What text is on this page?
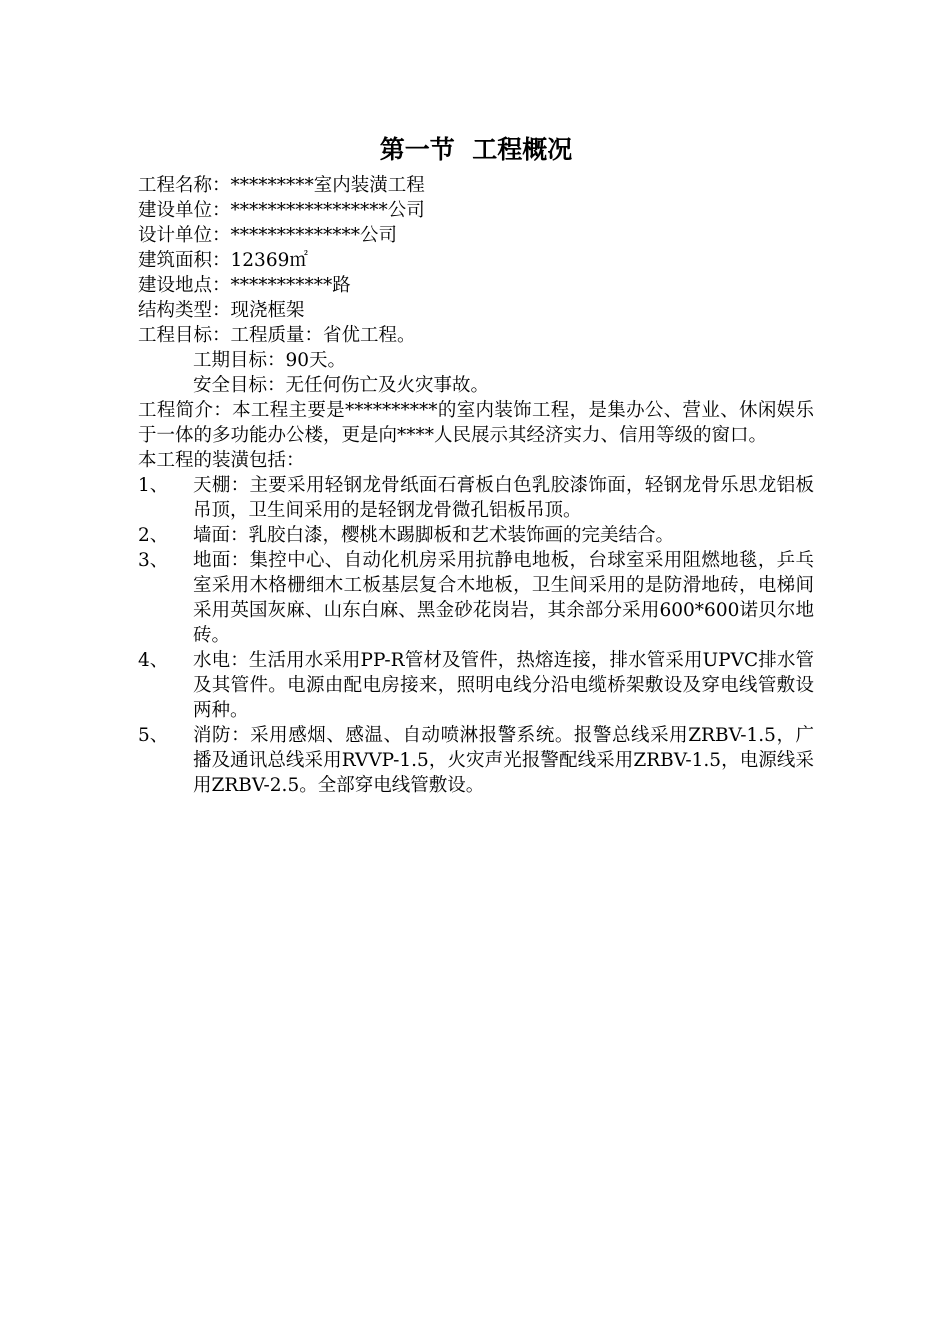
第一节  工程概况
工程名称：*********室内装潢工程
建设单位：*****************公司
设计单位：**************公司
建筑面积：12369㎡
建设地点：***********路
结构类型：现浇框架
工程目标：工程质量：省优工程。
工期目标：90天。
安全目标：无任何伤亡及火灾事故。
工程简介：本工程主要是**********的室内装饰工程，是集办公、营业、休闲娱乐于一体的多功能办公楼，更是向****人民展示其经济实力、信用等级的窗口。
本工程的装潢包括：
1、	天棚：主要采用轻钢龙骨纸面石膏板白色乳胶漆饰面，轻钢龙骨乐思龙铝板吊顶，卫生间采用的是轻钢龙骨微孔铝板吊顶。
2、	墙面：乳胶白漆，樱桃木踢脚板和艺术装饰画的完美结合。
3、	地面：集控中心、自动化机房采用抗静电地板，台球室采用阻燃地毯，乒乓室采用木格栅细木工板基层复合木地板，卫生间采用的是防滑地砖，电梯间采用英国灰麻、山东白麻、黑金砂花岗岩，其余部分采用600*600诺贝尔地砖。
4、	水电：生活用水采用PP-R管材及管件，热熔连接，排水管采用UPVC排水管及其管件。电源由配电房接来，照明电线分沿电缆桥架敷设及穿电线管敷设两种。
5、	消防：采用感烟、感温、自动喷淋报警系统。报警总线采用ZRBV-1.5，广播及通讯总线采用RVVP-1.5，火灾声光报警配线采用ZRBV-1.5，电源线采用ZRBV-2.5。全部穿电线管敷设。
